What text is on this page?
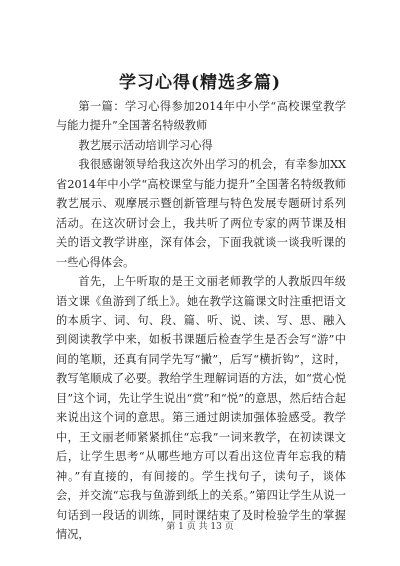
学习心得(精选多篇)

第一篇：学习心得参加2014年中小学“高校课堂教学与能力提升”全国著名特级教师

教艺展示活动培训学习心得

我很感谢领导给我这次外出学习的机会，有幸参加XX省2014年中小学“高校课堂与能力提升”全国著名特级教师教艺展示、观摩展示暨创新管理与特色发展专题研讨系列活动。在这次研讨会上，我共听了两位专家的两节课及相关的语文教学讲座，深有体会，下面我就谈一谈我听课的一些心得体会。

首先，上午听取的是王文丽老师教学的人教版四年级语文课《鱼游到了纸上》。她在教学这篇课文时注重把语文的本质字、词、句、段、篇、听、说、读、写、思、融入到阅读教学中来，如板书课题后检查学生是否会写“游”中间的笔顺，还真有同学先写“撇”，后写“横折钩”，这时，教写笔顺成了必要。教给学生理解词语的方法，如“赏心悦目”这个词，先让学生说出“赏”和“悦”的意思，然后结合起来说出这个词的意思。第三通过朗读加强体验感受。教学中，王文丽老师紧紧抓住“忘我”一词来教学，在初读课文后，让学生思考“从哪些地方可以看出这位青年忘我的精神。”有直接的，有间接的。学生找句子，读句子，谈体会，并交流“忘我与鱼游到纸上的关系。”第四让学生从说一句话到一段话的训练，同时课结束了及时检验学生的掌握情况，

第 1 页 共 13 页
